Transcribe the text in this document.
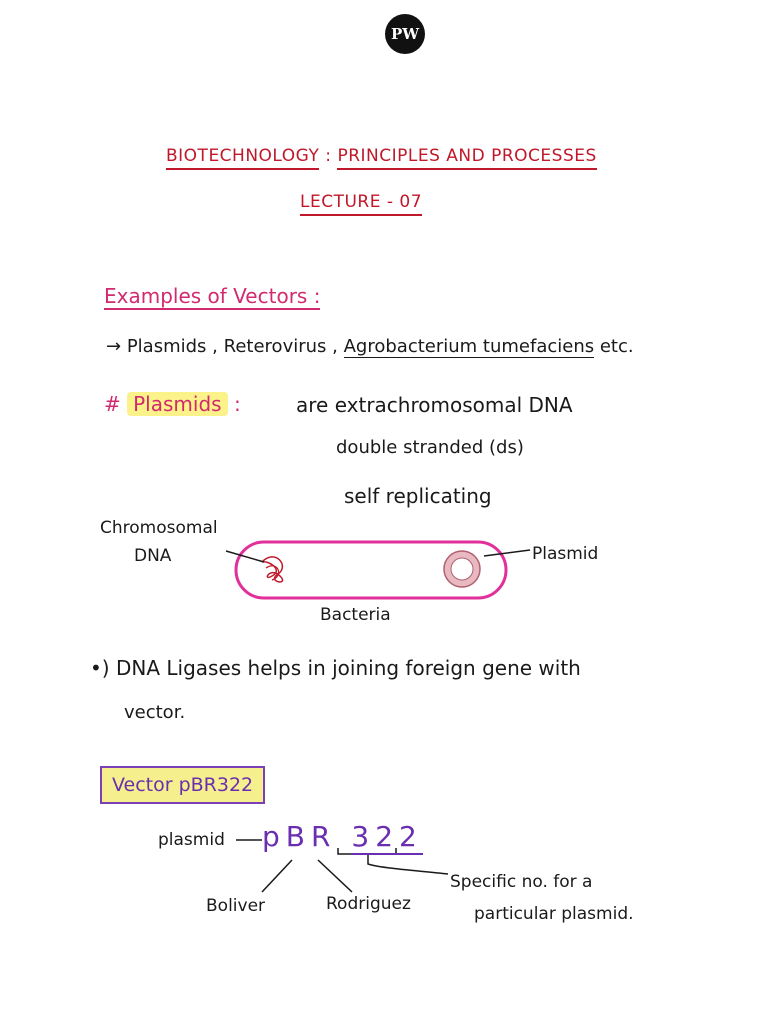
PW
BIOTECHNOLOGY : PRINCIPLES AND PROCESSES
LECTURE - 07
Examples of Vectors :
→ Plasmids , Reterovirus , Agrobacterium tumefaciens etc.
# Plasmids :	are extrachromosomal DNA
double stranded (ds)
self replicating
Chromosomal
DNA	Plasmid
Bacteria
•) DNA Ligases helps in joining foreign gene with
vector.
Vector pBR322
plasmid pBR 322
Boliver	Rodriguez
Specific no. for a
particular plasmid.
